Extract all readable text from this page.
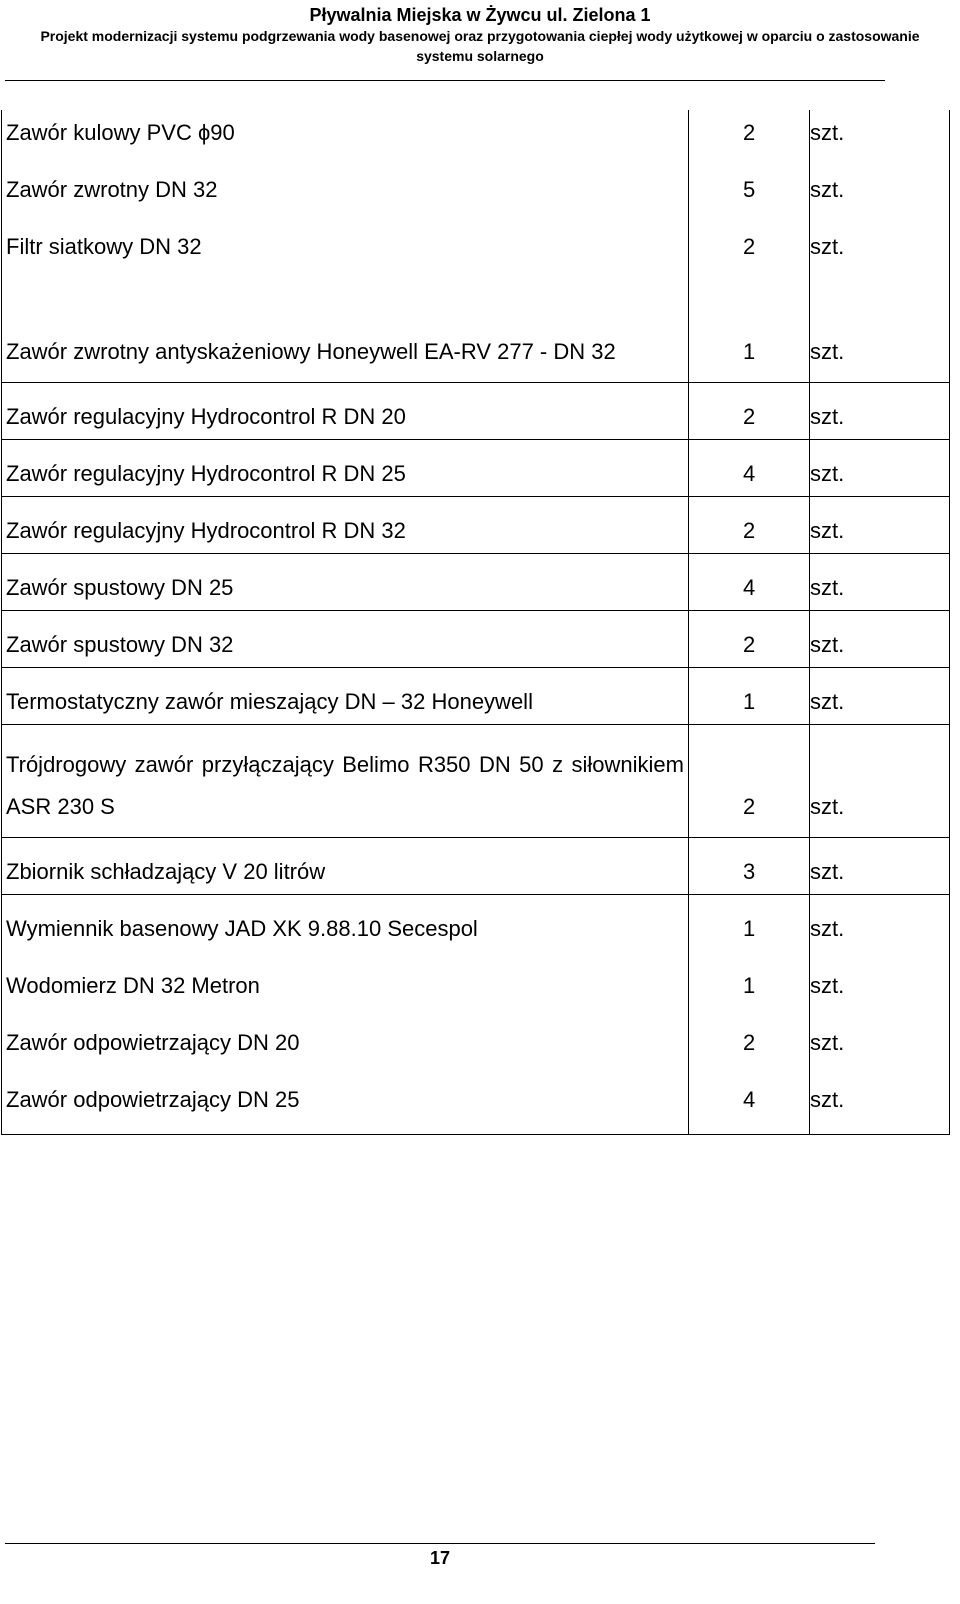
Pływalnia Miejska w Żywcu ul. Zielona 1
Projekt modernizacji systemu podgrzewania wody basenowej oraz przygotowania ciepłej wody użytkowej w oparciu o zastosowanie systemu solarnego
Zawór kulowy PVC ϕ90	2	szt.
Zawór zwrotny DN 32	5	szt.
Filtr siatkowy DN 32	2	szt.
Zawór zwrotny antyskażeniowy Honeywell EA-RV 277 - DN 32	1	szt.
Zawór regulacyjny Hydrocontrol R DN 20	2	szt.
Zawór regulacyjny Hydrocontrol R DN 25	4	szt.
Zawór regulacyjny Hydrocontrol R DN 32	2	szt.
Zawór spustowy DN 25	4	szt.
Zawór spustowy DN 32	2	szt.
Termostatyczny zawór mieszający DN – 32 Honeywell	1	szt.
Trójdrogowy zawór przyłączający Belimo R350 DN 50 z siłownikiem ASR 230 S	2	szt.
Zbiornik schładzający V 20 litrów	3	szt.
Wymiennik basenowy JAD XK 9.88.10 Secespol	1	szt.
Wodomierz DN 32 Metron	1	szt.
Zawór odpowietrzający DN 20	2	szt.
Zawór odpowietrzający DN 25	4	szt.
17
